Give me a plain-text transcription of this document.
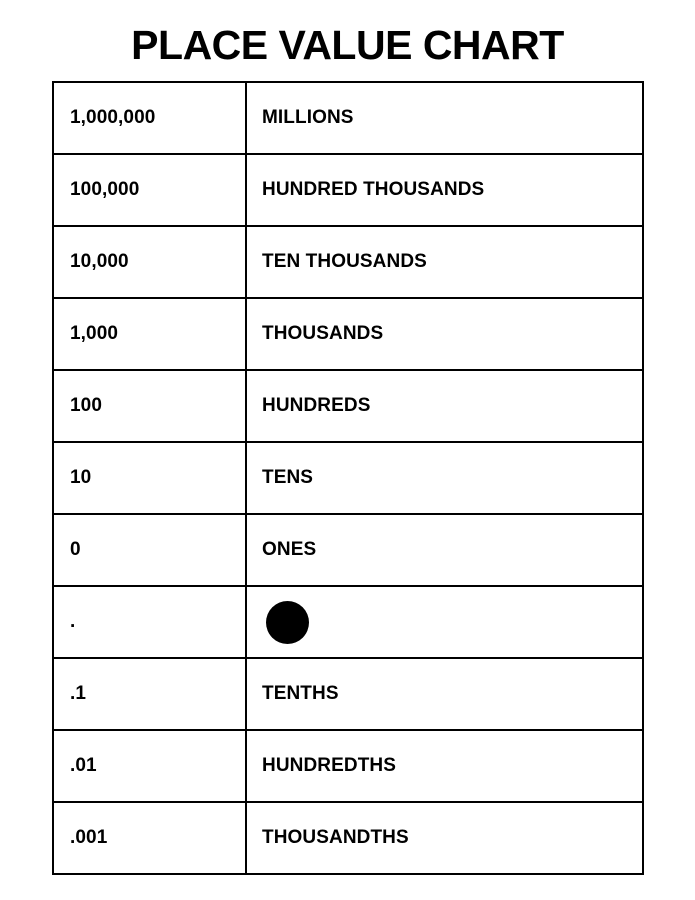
PLACE VALUE CHART
1,000,000	MILLIONS
100,000	HUNDRED THOUSANDS
10,000	TEN THOUSANDS
1,000	THOUSANDS
100	HUNDREDS
10	TENS
0	ONES
.	

.1	TENTHS
.01	HUNDREDTHS
.001	THOUSANDTHS
